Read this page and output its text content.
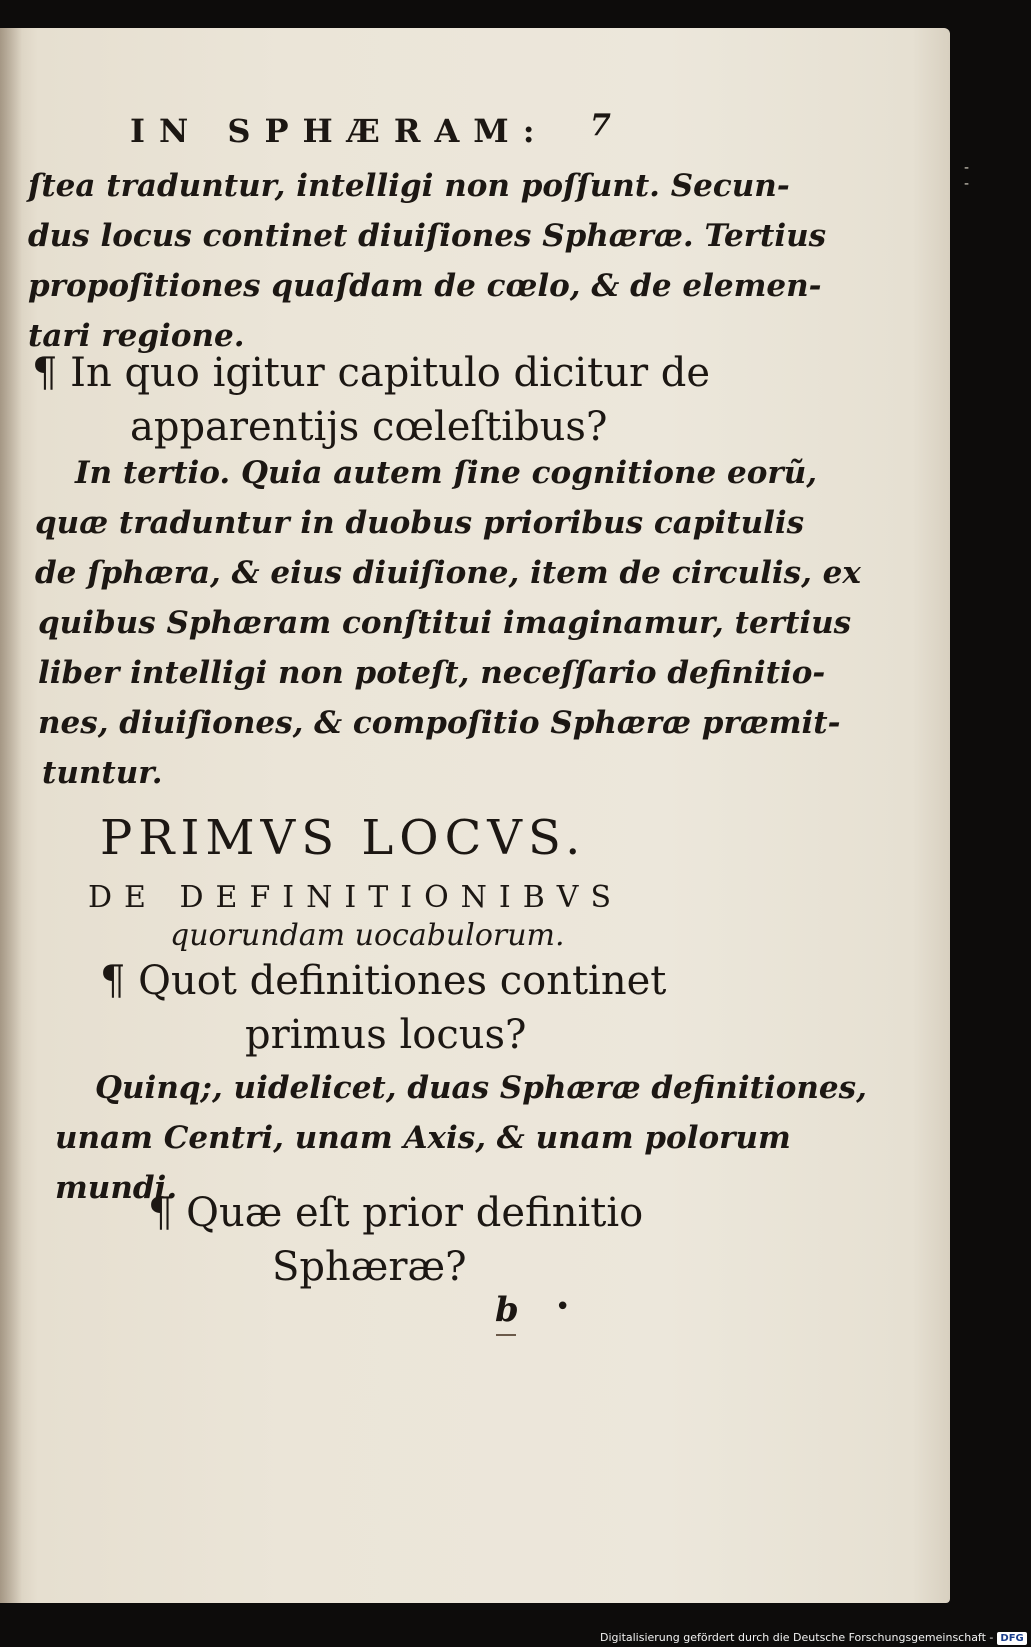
- -
IN SPHÆRAM: 7
ſtea traduntur, intelligi non poſſunt. Secun-
dus locus continet diuiſiones Sphæræ. Tertius
propoſitiones quaſdam de cœlo, & de elemen-
tari regione.
¶ In quo igitur capitulo dicitur de
apparentijs cœleſtibus?
In tertio. Quia autem ſine cognitione eorũ,
quæ traduntur in duobus prioribus capitulis
de ſphæra, & eius diuiſione, item de circulis, ex
quibus Sphæram conſtitui imaginamur, tertius
liber intelligi non poteſt, neceſſario definitio-
nes, diuiſiones, & compoſitio Sphæræ præmit-
tuntur.
PRIMVS LOCVS.
DE DEFINITIONIBVS
quorundam uocabulorum.
¶ Quot definitiones continet
primus locus?
Quinq;, uidelicet, duas Sphæræ definitiones,
unam Centri, unam Axis, & unam polorum
mundi.
¶ Quæ eſt prior definitio
Sphæræ?
b •
Digitalisierung gefördert durch die Deutsche Forschungsgemeinschaft - DFG
